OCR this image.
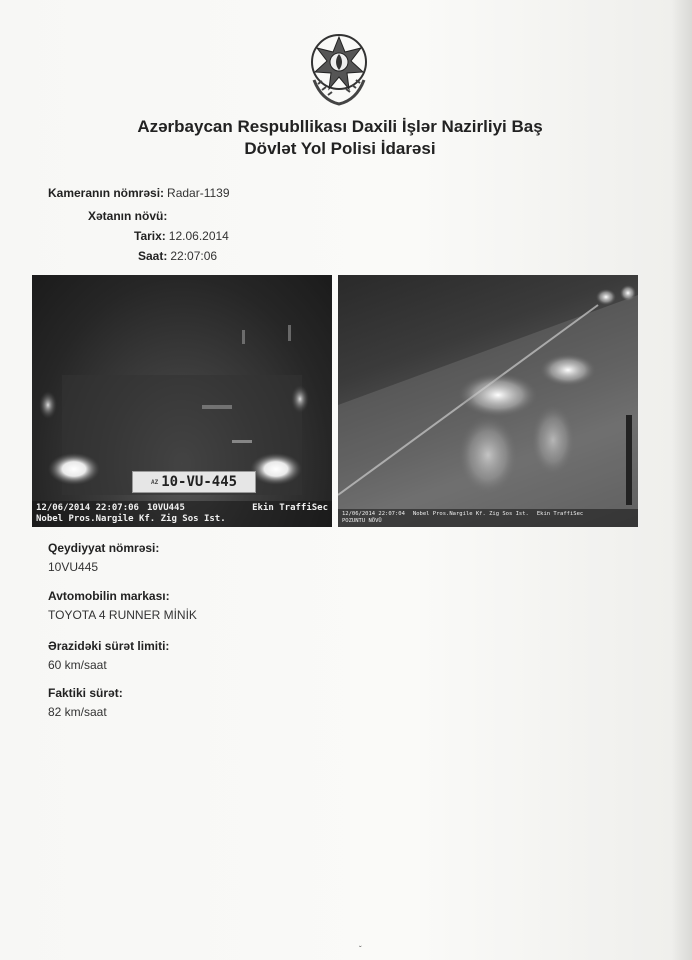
Azərbaycan Respubllikası Daxili İşlər Nazirliyi Baş
Dövlət Yol Polisi İdarəsi
Kameranın nömrəsi: Radar-1139
Xətanın növü:
Tarix: 12.06.2014
Saat: 22:07:06
AZ 10-VU-445
12/06/2014 22:07:06 10VU445	Ekin TraffiSec
Nobel Pros.Nargile Kf. Zig Sos Ist.	12/06/2014 22:07:04 Nobel Pros.Nargile Kf. Zig Sos Ist. Ekin TraffiSec
POZUNTU NÖVÜ
Qeydiyyat nömrəsi:
10VU445
Avtomobilin markası:
TOYOTA 4 RUNNER MİNİK
Ərazidəki sürət limiti:
60 km/saat
Faktiki sürət:
82 km/saat
ˇ
